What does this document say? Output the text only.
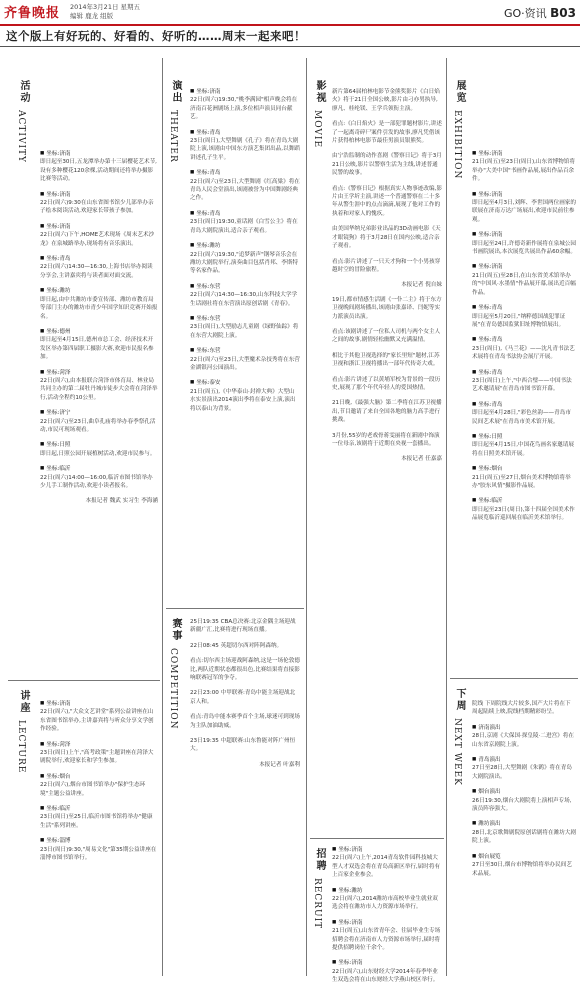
齐鲁晚报 2014年3月21日 星期五
编辑 鹿龙 组版	GO·资讯 B03
这个版上有好玩的、好看的、好听的……周末一起来吧！
活动
ACTIVITY	■ 坐标:济南
即日起至30日,五龙潭举办第十三届樱花艺术节,设有多种樱花120余棵,活动期间还将举办摄影比赛等活动。
■ 坐标:济南
22日(周六)9:30在山东省图书馆少儿部举办亲子绘本阅读活动,欢迎家长带孩子参加。
■ 坐标:济南
22日(周六)下午,HOME艺术现场《周末艺术沙龙》在泉城路举办,现场将有音乐演出。
■ 坐标:青岛
22日(周六)14:30—16:30,上海书店举办阅读分享会,主讲嘉宾将与读者面对面交流。
■ 坐标:潍坊
即日起,由中共潍坊市委宣传部、潍坊市教育局等部门主办的潍坊市青少年国学知识竞赛开始报名。
■ 坐标:德州
即日起至4月15日,德州市总工会、经济技术开发区举办第四届职工摄影大赛,欢迎市民报名参加。
■ 坐标:菏泽
22日(周六),由本报联合菏泽市体育局、林业局共同主办的第二届牡丹城市徒步大会将在菏泽举行,活动全程约10公里。
■ 坐标:济宁
22日(周六)至23日,曲阜孔庙将举办春季祭孔活动,市民可现场观看。
■ 坐标:日照
即日起,日照公园开展植树活动,欢迎市民参与。
■ 坐标:临沂
22日(周六)14:00—16:00,临沂市图书馆举办少儿手工制作活动,欢迎小读者报名。
本报记者 魏武 实习生 李海涵
讲座
LECTURE
■ 坐标:济南
22日(周六),"大众文艺讲堂"系列公益讲座在山东省图书馆举办,主讲嘉宾将与听众分享文学创作经验。
■ 坐标:菏泽
23日(周日)上午,"高考政策"主题讲座在菏泽大剧院举行,欢迎家长和学生参加。
■ 坐标:烟台
22日(周六),烟台市图书馆举办"保护生态环境"主题公益讲座。
■ 坐标:临沂
23日(周日)至25日,临沂市图书馆将举办"健康生活"系列讲座。
■ 坐标:淄博
23日(周日)9:30,"周易文化"第35期公益讲座在淄博市图书馆举行。
演出
THEATER
■ 坐标:济南
22日(周六)19:30,"桃李满园"相声晚会将在济南百花洲剧场上演,多位相声演员同台献艺。
■ 坐标:青岛
23日(周日),大型舞剧《孔子》将在青岛大剧院上演,该剧由中国东方演艺集团出品,以舞蹈讲述孔子生平。
■ 坐标:青岛
22日(周六)至23日,大型舞剧《红高粱》将在青岛人民会堂演出,该剧被誉为中国舞剧经典之作。
■ 坐标:青岛
23日(周日)19:30,童话剧《白雪公主》将在青岛大剧院演出,适合亲子观看。
■ 坐标:潍坊
22日(周六)19:30,"追梦新声"钢琴音乐会在潍坊大剧院举行,演奏曲目包括肖邦、李斯特等名家作品。
■ 坐标:东营
22日(周六)14:30—16:30,山东科技大学学生话剧社将在东营演出原创话剧《青春》。
■ 坐标:东营
23日(周日),大型励志儿童剧《绿野仙踪》将在东营大剧院上演。
■ 坐标:东营
22日(周六)至23日,大型魔术杂技秀将在东营金湖银河公园演出。
■ 坐标:泰安
21日(周五),《中华泰山·封禅大典》大型山水实景演出2014演出季将在泰安上演,演出将以泰山为背景。
赛事
COMPETITION
25日19:35 CBA总决赛:北京金隅主场迎战新疆广汇,比赛将进行现场直播。
22日08:45 英超切尔西对阵阿森纳。
看点:切尔西主场迎战阿森纳,这是一场伦敦德比,两队近期状态都很出色,比赛结果将直接影响联赛冠军的争夺。
22日23:00 中甲联赛:青岛中能主场迎战北京人和。
看点:青岛中能本赛季首个主场,球迷可到现场为主队加油助威。
23日19:35 中超联赛:山东鲁能对阵广州恒大。
本报记者 叶嘉利
影视
MOVIE
新片第64届柏林电影节金熊奖影片《白日焰火》将于21日全国公映,影片由刁亦男执导,廖凡、桂纶镁、王学兵领衔主演。
看点:《白日焰火》是一部犯罪题材影片,讲述了一起离奇碎尸案件引发的故事,廖凡凭借该片获得柏林电影节最佳男演员银熊奖。
由宁浩监制的动作喜剧《警察日记》将于3月21日公映,影片以警察生活为主线,讲述普通民警的故事。
看点:《警察日记》根据真实人物事迹改编,影片由王学圻主演,讲述一个普通警察在二十多年从警生涯中的点点滴滴,展现了他对工作的执着和对家人的愧疚。
由美国华纳兄弟影业出品的3D动画电影《天才眼镜狗》将于3月28日在国内公映,适合亲子观看。
看点:影片讲述了一只天才狗和一个小男孩穿越时空的冒险旅程。
本报记者 倪自妹
19日,都市情感生活剧《一仆二主》将于东方卫视晚间剧场播出,该剧由张嘉译、闫妮等实力派演员出演。
看点:该剧讲述了一位私人司机与两个女主人之间的故事,剧情轻松幽默又充满温情。
相比于其他卫视选择的"家长里短"题材,江苏卫视和浙江卫视将播出一部年代传奇大戏。
看点:影片讲述了以黄埔军校为背景的一段历史,展现了那个年代年轻人的爱国热情。
21日晚,《最强大脑》第二季将在江苏卫视播出,节目邀请了来自全国各地的脑力高手进行挑战。
3月份,55岁的老戏骨蒋雯丽将在新剧中饰演一位母亲,该剧将于近期在央视一套播出。
本报记者 任嘉嘉
招聘
RECRUIT
■ 坐标:济南
22日(周六)上午,2014青岛软件园科技城大型人才双选会将在青岛高新区举行,届时将有上百家企业参会。
■ 坐标:潍坊
22日(周六),2014潍坊市高校毕业生就业双选会将在潍坊市人力资源市场举行。
■ 坐标:济南
21日(周五),山东省青年会、往届毕业生专场招聘会将在济南市人力资源市场举行,届时将提供招聘岗位千余个。
■ 坐标:济南
22日(周六),山东财经大学2014年春季毕业生双选会将在山东财经大学燕山校区举行。
展览
EXHIBITION	■ 坐标:济南
21日(周五)至23日(周日),山东省博物馆将举办"大美中国"书画作品展,展出作品百余件。
■ 坐标:济南
即日起至4月3日,刘辉、李世国两位画家的联展在济南万达广场展出,欢迎市民前往参观。
■ 坐标:济南
即日起至24日,许德奇新作展将在泉城公园书画院展出,本次展览共展出作品60余幅。
■ 坐标:济南
21日(周五)至28日,在山东省美术馆举办的"中国风·水墨情"作品展开幕,展出近百幅作品。
■ 坐标:青岛
即日起至5月20日,"纳粹德国战犯罪证展"在青岛德国监狱旧址博物馆展出。
■ 坐标:青岛
23日(周日),《马兰花》——沈凡青书法艺术展将在青岛书法协会展厅开展。
■ 坐标:青岛
23日(周日)上午,"中西合璧——中国书法艺术邀请展"在青岛市图书馆开幕。
■ 坐标:青岛
即日起至4月28日,"彩色丝韵——青岛市民间艺术展"在青岛市美术馆开展。
■ 坐标:日照
即日起至4月15日,中国花鸟画名家邀请展将在日照美术馆开展。
■ 坐标:烟台
21日(周五)至27日,烟台美术博物馆将举办"胶东风情"摄影作品展。
■ 坐标:临沂
即日起至23日(周日),第十四届全国美术作品展览临沂巡回展在临沂美术馆举行。
下周
NEXT WEEK
院线 下周院线大片较多,国产大片将在下周起陆续上映,院线档期精彩纷呈。
■ 济南演出
28日,京剧《大保国·探皇陵·二进宫》将在山东省京剧院上演。
■ 青岛演出
27日至28日,大型舞剧《朱鹮》将在青岛大剧院演出。
■ 烟台演出
26日19:30,烟台大剧院将上演相声专场,演员阵容强大。
■ 潍坊演出
28日,北京歌舞剧院原创话剧将在潍坊大剧院上演。
■ 烟台展览
27日至30日,烟台市博物馆将举办民间艺术品展。
